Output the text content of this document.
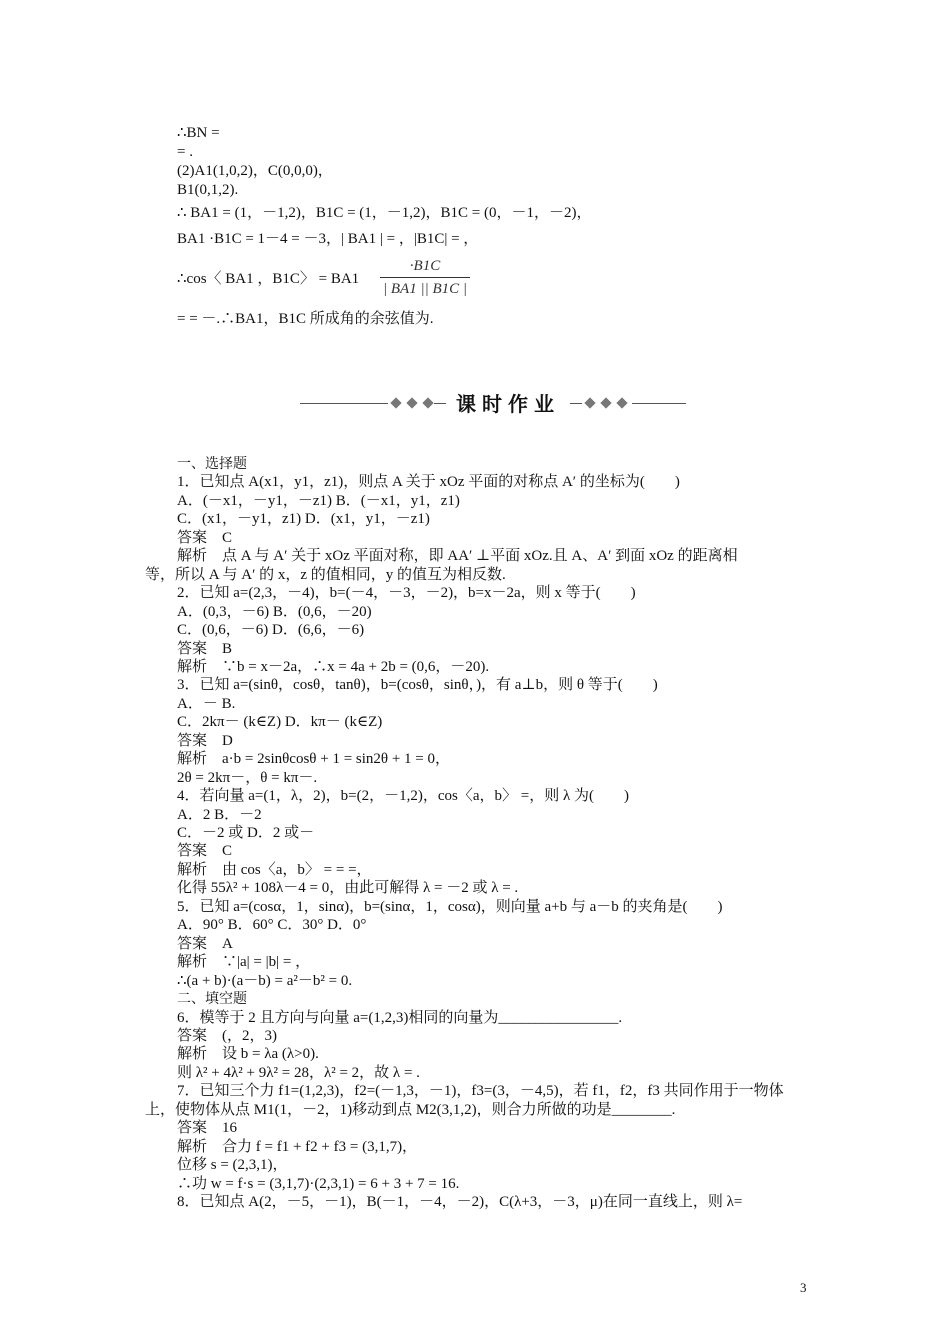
∴BN =
= .
(2)A1(1,0,2)，C(0,0,0)，
B1(0,1,2).
∴ BA1 = (1，－1,2)，B1C = (1，－1,2)，B1C = (0，－1，－2)，
BA1 ·B1C = 1－4 = －3，| BA1 | = ，|B1C| = ，
∴cos〈 BA1 ，B1C〉 = BA1
·B1C
| BA1 || B1C |
= = －.∴BA1，B1C 所成角的余弦值为.
课时作业
一、选择题
1．已知点 A(x1，y1，z1)，则点 A 关于 xOz 平面的对称点 A′ 的坐标为(　　)
A．(－x1，－y1，－z1) B．(－x1，y1，z1)
C．(x1，－y1，z1) D．(x1，y1，－z1)
答案　C
解析　点 A 与 A′ 关于 xOz 平面对称，即 AA′ ⊥平面 xOz.且 A、A′ 到面 xOz 的距离相
等，所以 A 与 A′ 的 x，z 的值相同，y 的值互为相反数.
2．已知 a=(2,3，－4)，b=(－4，－3，－2)，b=x－2a，则 x 等于(　　)
A．(0,3，－6) B．(0,6，－20)
C．(0,6，－6) D．(6,6，－6)
答案　B
解析　∵b = x－2a，∴x = 4a + 2b = (0,6，－20).
3．已知 a=(sinθ，cosθ，tanθ)，b=(cosθ，sinθ，)，有 a⊥b，则 θ 等于(　　)
A．－ B.
C．2kπ－ (k∈Z) D．kπ－ (k∈Z)
答案　D
解析　a·b = 2sinθcosθ + 1 = sin2θ + 1 = 0，
2θ = 2kπ－，θ = kπ－.
4．若向量 a=(1，λ，2)，b=(2，－1,2)，cos〈a，b〉 =，则 λ 为(　　)
A．2 B．－2
C．－2 或 D．2 或－
答案　C
解析　由 cos〈a，b〉 = = =，
化得 55λ² + 108λ－4 = 0，由此可解得 λ = －2 或 λ = .
5．已知 a=(cosα，1，sinα)，b=(sinα，1，cosα)，则向量 a+b 与 a－b 的夹角是(　　)
A．90° B．60° C．30° D．0°
答案　A
解析　∵|a| = |b| = ，
∴(a + b)·(a－b) = a²－b² = 0.
二、填空题
6．模等于 2 且方向与向量 a=(1,2,3)相同的向量为________________.
答案　(，2，3)
解析　设 b = λa (λ>0).
则 λ² + 4λ² + 9λ² = 28，λ² = 2，故 λ = .
7．已知三个力 f1=(1,2,3)，f2=(－1,3，－1)，f3=(3，－4,5)，若 f1，f2，f3 共同作用于一物体
上，使物体从点 M1(1，－2，1)移动到点 M2(3,1,2)，则合力所做的功是________.
答案　16
解析　合力 f = f1 + f2 + f3 = (3,1,7)，
位移 s = (2,3,1)，
∴功 w = f·s = (3,1,7)·(2,3,1) = 6 + 3 + 7 = 16.
8．已知点 A(2，－5，－1)，B(－1，－4，－2)，C(λ+3，－3，μ)在同一直线上，则 λ=
3
